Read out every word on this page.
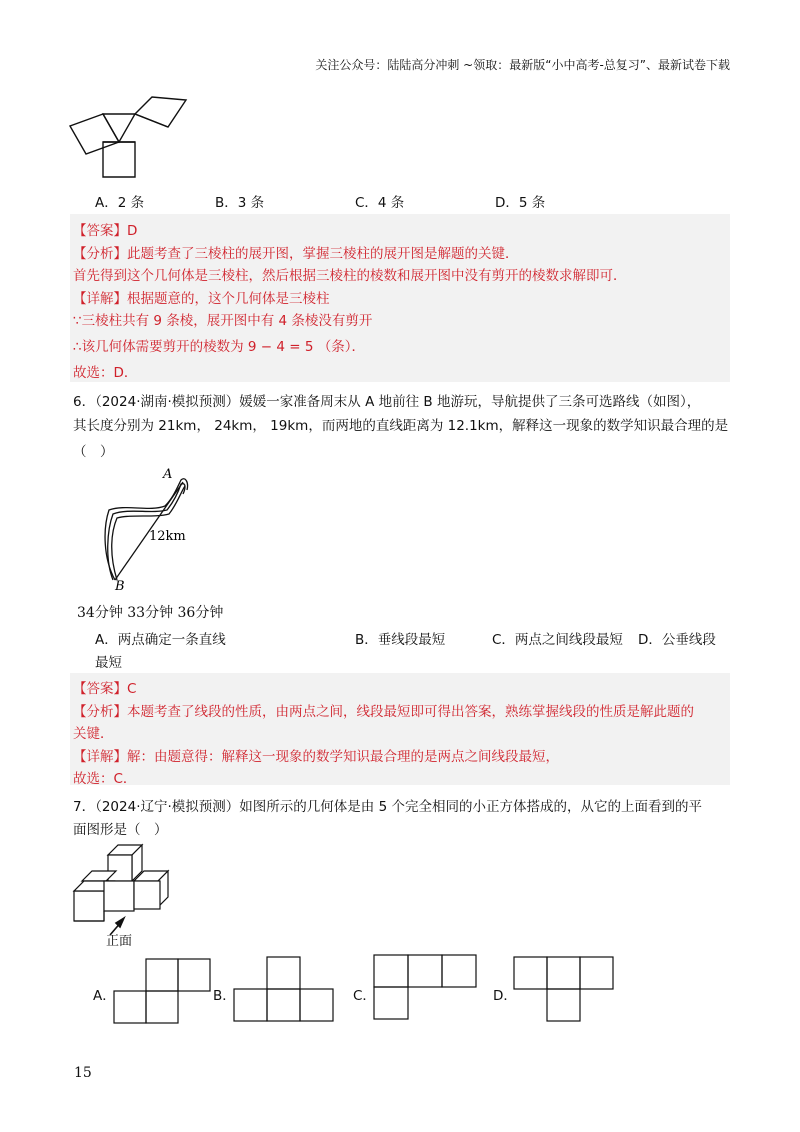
关注公众号：陆陆高分冲刺 ~领取：最新版“小中高考-总复习”、最新试卷下载
A．2 条	B．3 条	C．4 条	D．5 条
【答案】D
【分析】此题考查了三棱柱的展开图，掌握三棱柱的展开图是解题的关键．
首先得到这个几何体是三棱柱，然后根据三棱柱的棱数和展开图中没有剪开的棱数求解即可．
【详解】根据题意的，这个几何体是三棱柱
∵三棱柱共有 9 条棱，展开图中有 4 条棱没有剪开
∴该几何体需要剪开的棱数为 9 − 4 = 5 （条）．
故选：D．
6．（2024·湖南·模拟预测）媛媛一家准备周末从 A 地前往 B 地游玩，导航提供了三条可选路线（如图），
其长度分别为 21km， 24km， 19km，而两地的直线距离为 12.1km，解释这一现象的数学知识最合理的是
（　）
A
B
12km
34分钟 33分钟 36分钟
A．两点确定一条直线	B．垂线段最短	C．两点之间线段最短 D．公垂线段
最短
【答案】C
【分析】本题考查了线段的性质，由两点之间，线段最短即可得出答案，熟练掌握线段的性质是解此题的
关键．
【详解】解：由题意得：解释这一现象的数学知识最合理的是两点之间线段最短，
故选：C．
7．（2024·辽宁·模拟预测）如图所示的几何体是由 5 个完全相同的小正方体搭成的，从它的上面看到的平
面图形是（　）
正面
A．	B．	C．	D．
15
